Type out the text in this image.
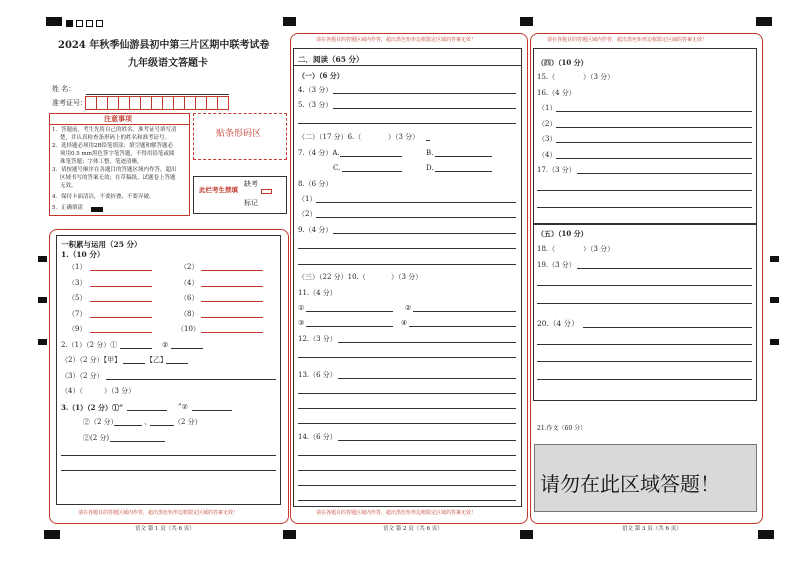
2024 年秋季仙游县初中第三片区期中联考试卷
九年级语文答题卡
姓 名：
准考证号：
注意事项
1．答题前，考生先将自己的姓名、准考证号填写清
楚，并认真检查条形码上的姓名和准考证号。
2．选择题必须用2B铅笔填涂；填空题和解答题必
须用0.5 mm黑色签字笔答题，不得用铅笔或圆
珠笔答题；字体工整、笔迹清晰。
3．请按题号顺序在各题目的答题区域内作答，超出
区域书写的答案无效；在草稿纸、试题卷上答题
无效。
4．保持卡面清洁，不要折叠、不要弄破。
5．正确填涂
贴条形码区
此栏考生禁填
缺考
标记
一积累与运用（25 分）
1.（10 分）
（1）	（2）
（3）	（4）
（5）	（6）
（7）	（8）
（9）	（10）
2.（1）（2 分）①	②
（2）（2 分）【甲】	【乙】
（3）（2 分）
（4）（	）（3 分）
3.（1）（2 分）①“	”②
②（2 分）	、	（2 分）
②(2 分)
请在各题目的答题区域内作答，超出黑色矩形边框限定区域的答案无效！
语文 第 1 页（共 6 页）
请在各题目的答题区域内作答，超出黑色矩形边框限定区域的答案无效！
二．阅读（65 分）
（一）（6 分）
4.（3 分）
5.（3 分）
（二）（17 分）6.（	）（3 分）
7.（4 分）A.	B.
C.	D.
8.（6 分）
（1）
（2）
9.（4 分）
（三）（22 分）10.（	）（3 分）
11.（4 分）
①	②
③	④
12.（3 分）
13.（6 分）
14.（6 分）
请在各题目的答题区域内作答，超出黑色矩形边框限定区域的答案无效！
语文 第 2 页（共 6 页）
请在各题目的答题区域内作答，超出黑色矩形边框限定区域的答案无效！
（四）（10 分）
15.（	）（3 分）
16.（4 分）
（1）
（2）
（3）
（4）
17.（3 分）
（五）（10 分）
18.（	）（3 分）
19.（3 分）
20.（4 分）
21.作文（60 分）
请勿在此区域答题！
语文 第 3 页（共 6 页）
